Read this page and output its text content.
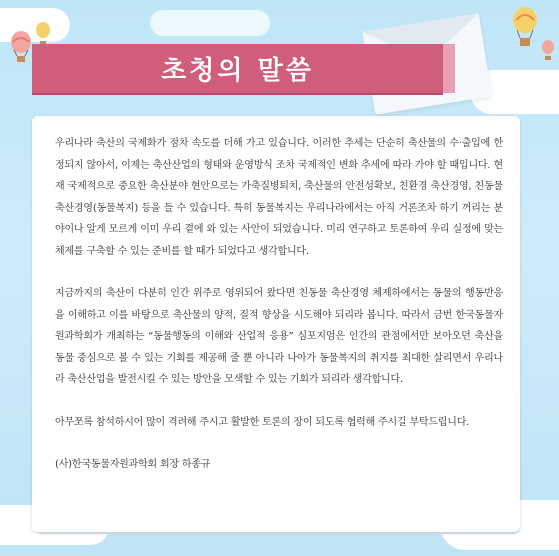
초청의 말씀

우리나라 축산의 국제화가 점차 속도를 더해 가고 있습니다. 이러한 추세는 단순히 축산물의 수·출입에 한정되지 않아서, 이제는 축산산업의 형태와 운영방식 조차 국제적인 변화 추세에 따라 가야 할 때입니다. 현재 국제적으로 중요한 축산분야 현안으로는 가축질병퇴치, 축산물의 안전성확보, 친환경 축산경영, 친동물 축산경영(동물복지) 등을 들 수 있습니다. 특히 동물복지는 우리나라에서는 아직 거론조차 하기 꺼리는 분야이나 알게 모르게 이미 우리 곁에 와 있는 사안이 되었습니다. 미리 연구하고 토론하여 우리 실정에 맞는 체제를 구축할 수 있는 준비를 할 때가 되었다고 생각합니다.

지금까지의 축산이 다분히 인간 위주로 영위되어 왔다면 친동물 축산경영 체제하에서는 동물의 행동반응을 이해하고 이를 바탕으로 축산물의 양적, 질적 향상을 시도해야 되리라 봅니다. 따라서 금번 한국동물자원과학회가 개최하는 “동물행동의 이해와 산업적 응용” 심포지엄은 인간의 관점에서만 보아오던 축산을 동물 중심으로 볼 수 있는 기회를 제공해 줄 뿐 아니라 나아가 동물복지의 취지를 최대한 살리면서 우리나라 축산산업을 발전시킬 수 있는 방안을 모색할 수 있는 기회가 되리라 생각합니다.

아무쪼록 참석하시어 많이 격려해 주시고 활발한 토론의 장이 되도록 협력해 주시길 부탁드립니다.

(사)한국동물자원과학회 회장 하종규
